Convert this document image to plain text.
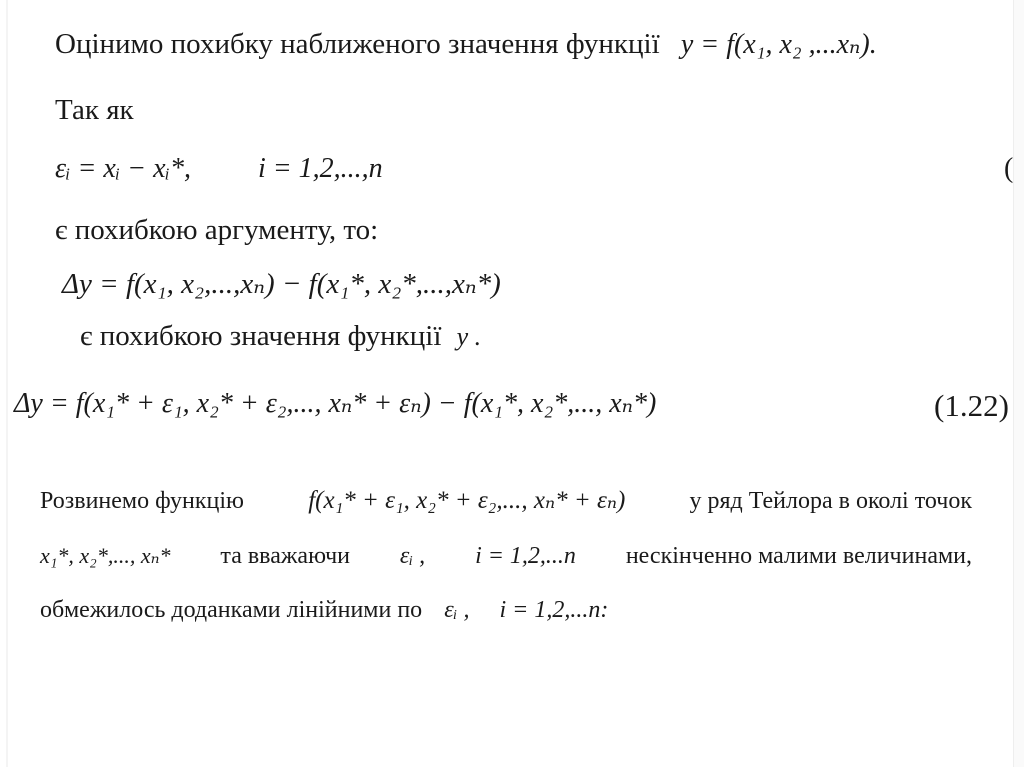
Оцінимо похибку наближеного значення функції y = f(x₁, x₂ ,...xₙ).
Так як
εᵢ = xᵢ − xᵢ*, i = 1,2,...,n	(
є похибкою аргументу, то:
Δy = f(x₁, x₂,...,xₙ) − f(x₁*, x₂*,...,xₙ*)
є похибкою значення функції y .
Δy = f(x₁* + ε₁, x₂* + ε₂,..., xₙ* + εₙ) − f(x₁*, x₂*,..., xₙ*)	(1.22)
Розвинемо функцію	f(x₁* + ε₁, x₂* + ε₂,..., xₙ* + εₙ)	у ряд Тейлора в околі точок
x₁*, x₂*,..., xₙ* та вважаючи εᵢ , i = 1,2,...n нескінченно малими величинами,
обмежилось доданками лінійними по εᵢ , i = 1,2,...n:
